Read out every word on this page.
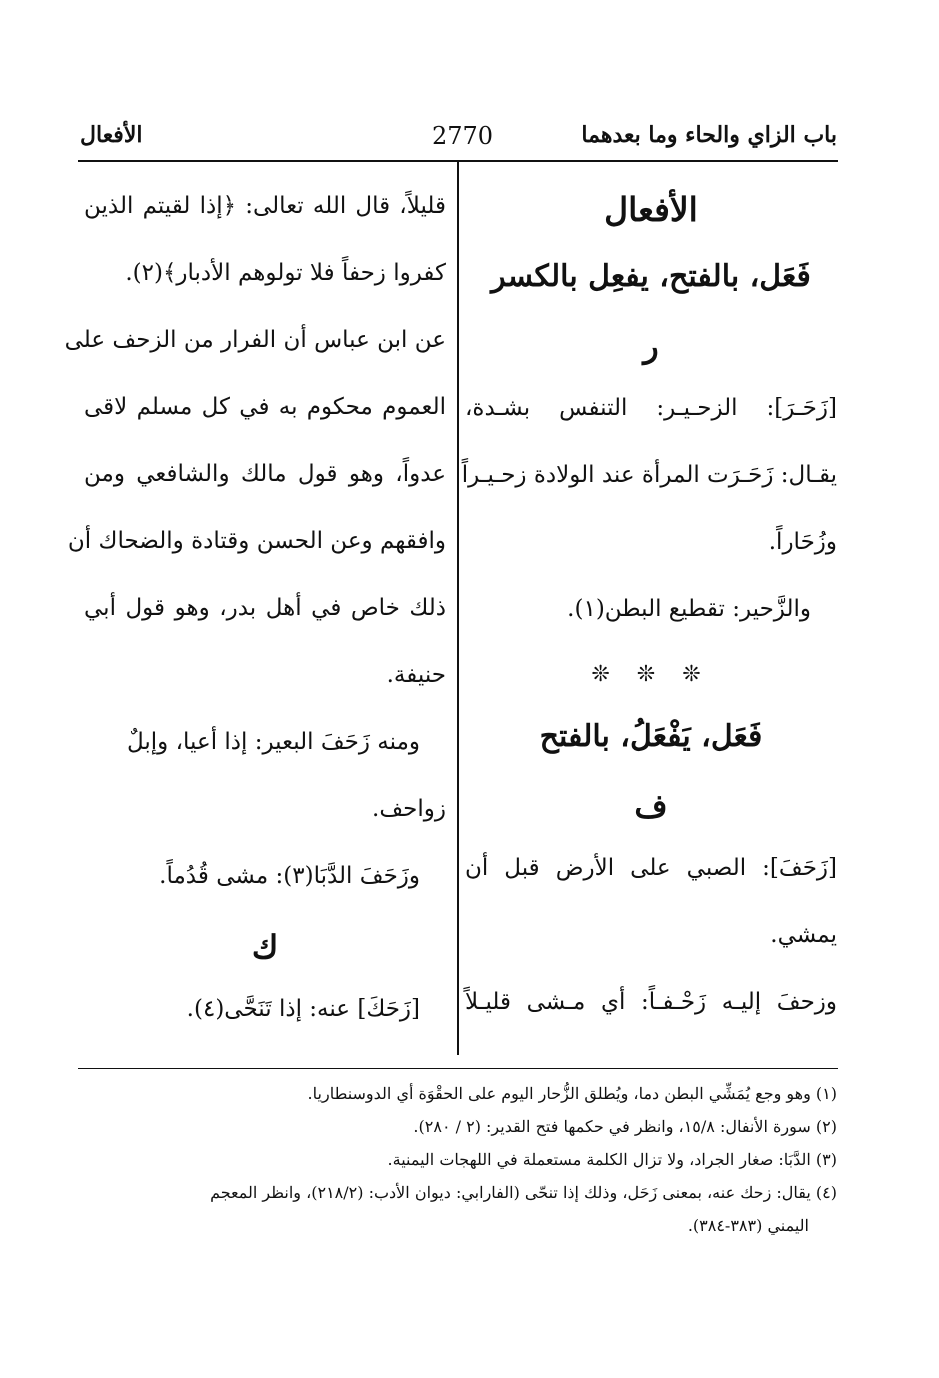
باب الزاي والحاء وما بعدهما
2770
الأفعال
الأفعال
فَعَل، بالفتح، يفعِل بالكسر
ر
[زَحَـرَ]: الزحـيـر: التنفس بشـدة،
يقـال: زَحَـرَت المرأة عند الولادة زحـيـراً
وزُحَاراً.
والزَّحير: تقطيع البطن(١).
❊ ❊ ❊
فَعَل، يَفْعَلُ، بالفتح
ف
[زَحَفَ]: الصبي على الأرض قبل أن
يمشي.
وزحفَ إليـه زَحْـفـاً: أي مـشى قليـلاً
قليلاً، قال الله تعالى: ﴿إذا لقيتم الذين
كفروا زحفاً فلا تولوهم الأدبار﴾(٢).
عن ابن عباس أن الفرار من الزحف على
العموم محكوم به في كل مسلم لاقى
عدواً، وهو قول مالك والشافعي ومن
وافقهم وعن الحسن وقتادة والضحاك أن
ذلك خاص في أهل بدر، وهو قول أبي
حنيفة.
ومنه زَحَفَ البعير: إذا أعيا، وإبلٌ
زواحف.
وزَحَفَ الدَّبَا(٣): مشى قُدُماً.
ك
[زَحَكَ] عنه: إذا تَنَحَّى(٤).
(١) وهو وجع يُمَشِّي البطن دما، ويُطلق الزُّحار اليوم على الحقْوَة أي الدوسنطاريا.
(٢) سورة الأنفال: ١٥/٨، وانظر في حكمها فتح القدير: (٢ / ٢٨٠).
(٣) الدَّبَا: صغار الجراد، ولا تزال الكلمة مستعملة في اللهجات اليمنية.
(٤) يقال: زحك عنه، بمعنى زَحَل، وذلك إذا تنحّى (الفارابي: ديوان الأدب: (٢١٨/٢)، وانظر المعجم
اليمني (٣٨٣-٣٨٤).
